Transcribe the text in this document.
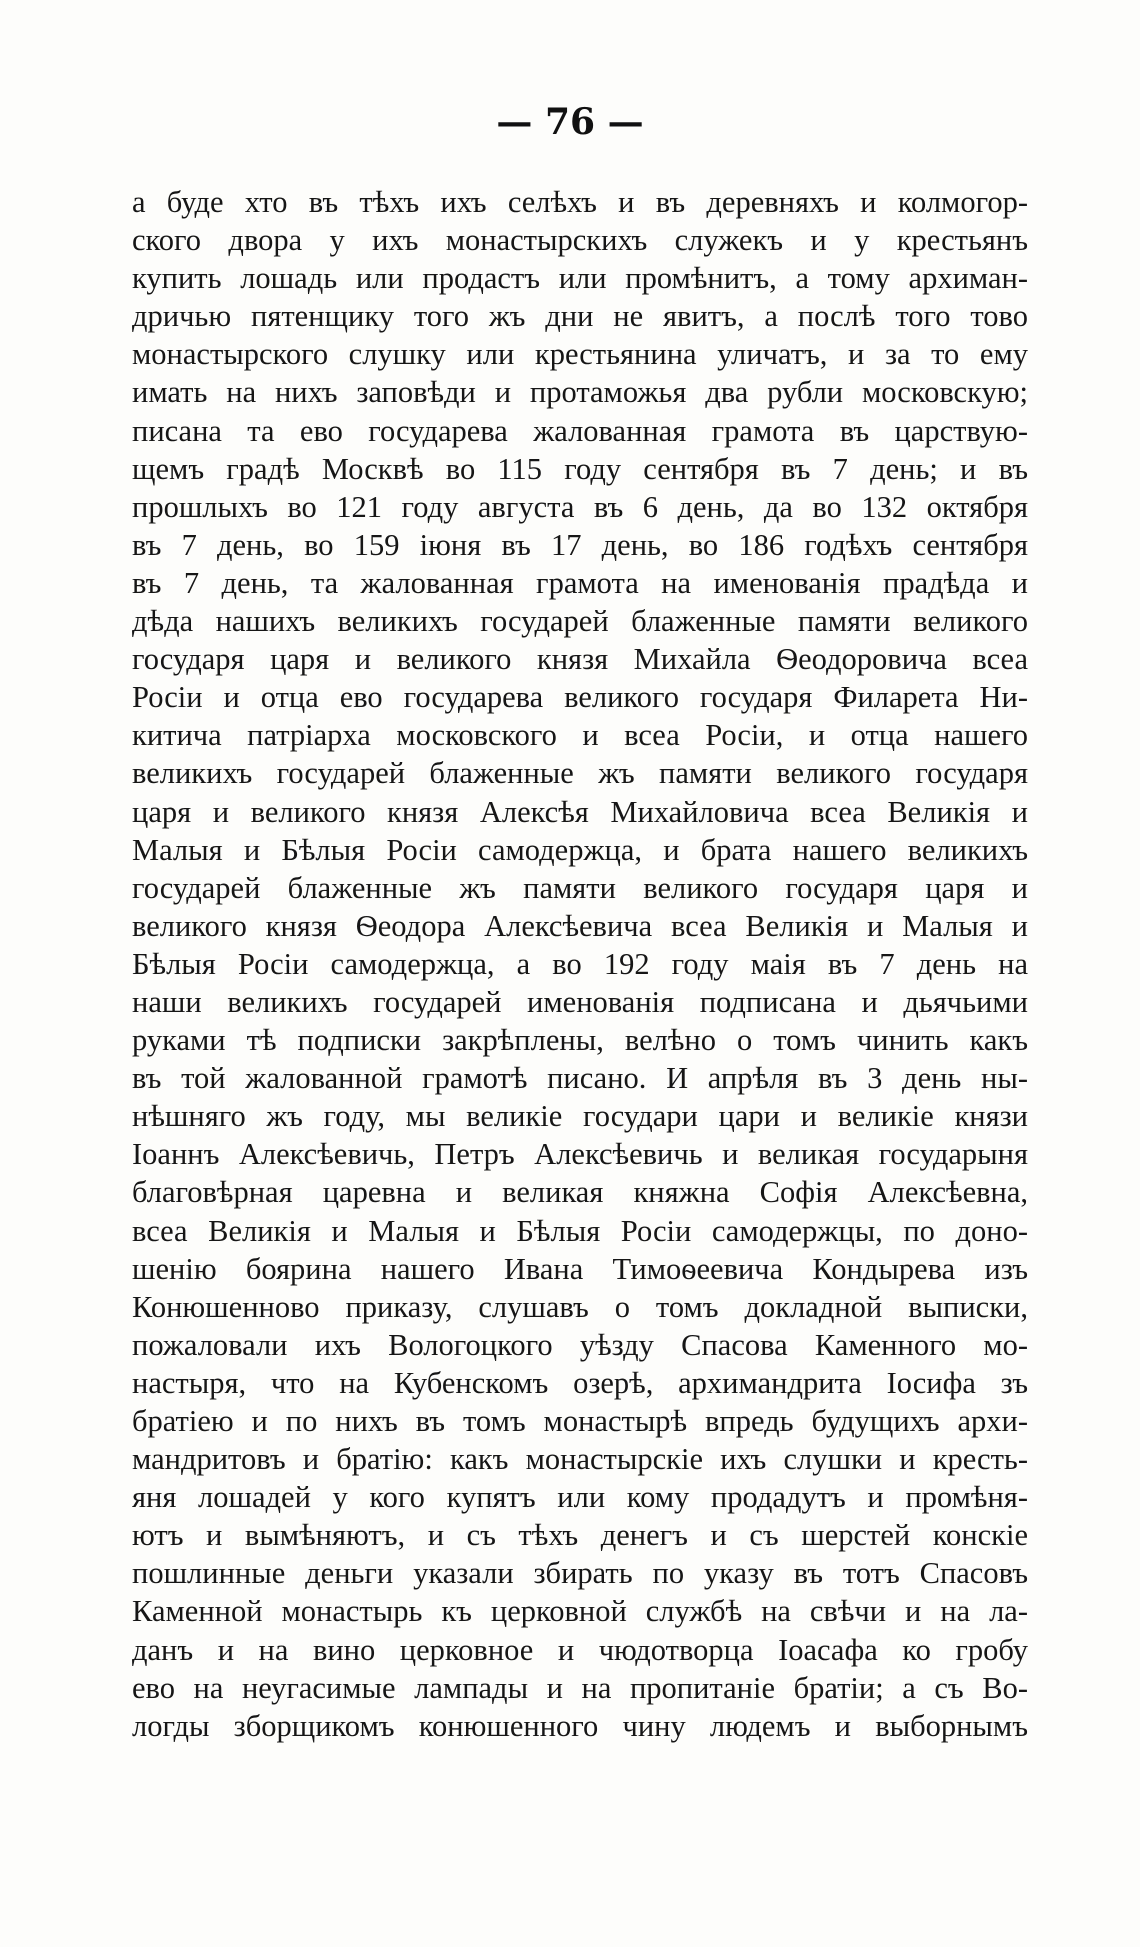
— 76 —
а буде хто въ тѣхъ ихъ селѣхъ и въ деревняхъ и колмогор-
ского двора у ихъ монастырскихъ служекъ и у крестьянъ
купить лошадь или продастъ или промѣнитъ, а тому архиман-
дричью пятенщику того жъ дни не явитъ, а послѣ того тово
монастырского слушку или крестьянина уличатъ, и за то ему
имать на нихъ заповѣди и протаможья два рубли московскую;
писана та ево государева жалованная грамота въ царствую-
щемъ градѣ Москвѣ во 115 году сентября въ 7 день; и въ
прошлыхъ во 121 году августа въ 6 день, да во 132 октября
въ 7 день, во 159 іюня въ 17 день, во 186 годѣхъ сентября
въ 7 день, та жалованная грамота на именованія прадѣда и
дѣда нашихъ великихъ государей блаженные памяти великого
государя царя и великого князя Михайла Ѳеодоровича всеа
Росіи и отца ево государева великого государя Филарета Ни-
китича патріарха московского и всеа Росіи, и отца нашего
великихъ государей блаженные жъ памяти великого государя
царя и великого князя Алексѣя Михайловича всеа Великія и
Малыя и Бѣлыя Росіи самодержца, и брата нашего великихъ
государей блаженные жъ памяти великого государя царя и
великого князя Ѳеодора Алексѣевича всеа Великія и Малыя и
Бѣлыя Росіи самодержца, а во 192 году маія въ 7 день на
наши великихъ государей именованія подписана и дьячьими
руками тѣ подписки закрѣплены, велѣно о томъ чинить какъ
въ той жалованной грамотѣ писано. И апрѣля въ 3 день ны-
нѣшняго жъ году, мы великіе государи цари и великіе князи
Іоаннъ Алексѣевичь, Петръ Алексѣевичь и великая государыня
благовѣрная царевна и великая княжна Софія Алексѣевна,
всеа Великія и Малыя и Бѣлыя Росіи самодержцы, по доно-
шенію боярина нашего Ивана Тимоѳеевича Кондырева изъ
Конюшенново приказу, слушавъ о томъ докладной выписки,
пожаловали ихъ Вологоцкого уѣзду Спасова Каменного мо-
настыря, что на Кубенскомъ озерѣ, архимандрита Іосифа зъ
братіею и по нихъ въ томъ монастырѣ впредь будущихъ архи-
мандритовъ и братію: какъ монастырскіе ихъ слушки и кресть-
яня лошадей у кого купятъ или кому продадутъ и промѣня-
ютъ и вымѣняютъ, и съ тѣхъ денегъ и съ шерстей конскіе
пошлинные деньги указали збирать по указу въ тотъ Спасовъ
Каменной монастырь къ церковной службѣ на свѣчи и на ла-
данъ и на вино церковное и чюдотворца Іоасафа ко гробу
ево на неугасимые лампады и на пропитаніе братіи; а съ Во-
логды зборщикомъ конюшенного чину людемъ и выборнымъ
